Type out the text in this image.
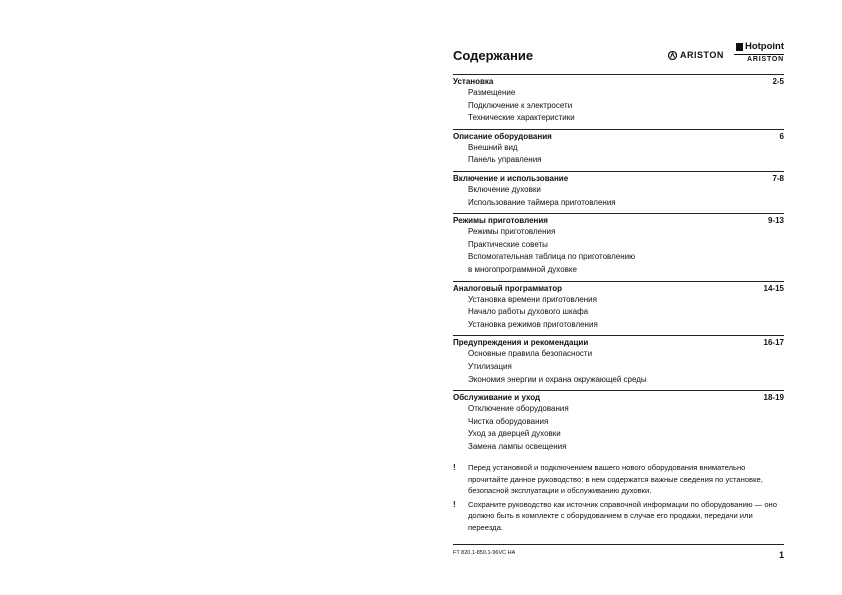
Содержание	ARISTON
Hotpoint
ARISTON
Установка	2-5
Размещение
Подключение к электросети
Технические характеристики
Описание оборудования	6
Внешний вид
Панель управления
Включение и использование	7-8
Включение духовки
Использование таймера приготовления
Режимы приготовления	9-13
Режимы приготовления
Практические советы
Вспомогательная таблица по приготовлению
в многопрограммной духовке
Аналоговый программатор	14-15
Установка времени приготовления
Начало работы духового шкафа
Установка режимов приготовления
Предупреждения и рекомендации	16-17
Основные правила безопасности
Утилизация
Экономия энергии и охрана окружающей среды
Обслуживание и уход	18-19
Отключение оборудования
Чистка оборудования
Уход за дверцей духовки
Замена лампы освещения
!	Перед установкой и подключением вашего нового оборудования внимательно прочитайте данное руководство: в нем содержатся важные сведения по установке, безопасной эксплуатации и обслуживанию духовки.
!	Сохраните руководство как источник справочной информации по оборудованию — оно должно быть в комплекте с оборудованием в случае его продажи, передачи или переезда.
FT 820.1-850.1-96VC HA	1
